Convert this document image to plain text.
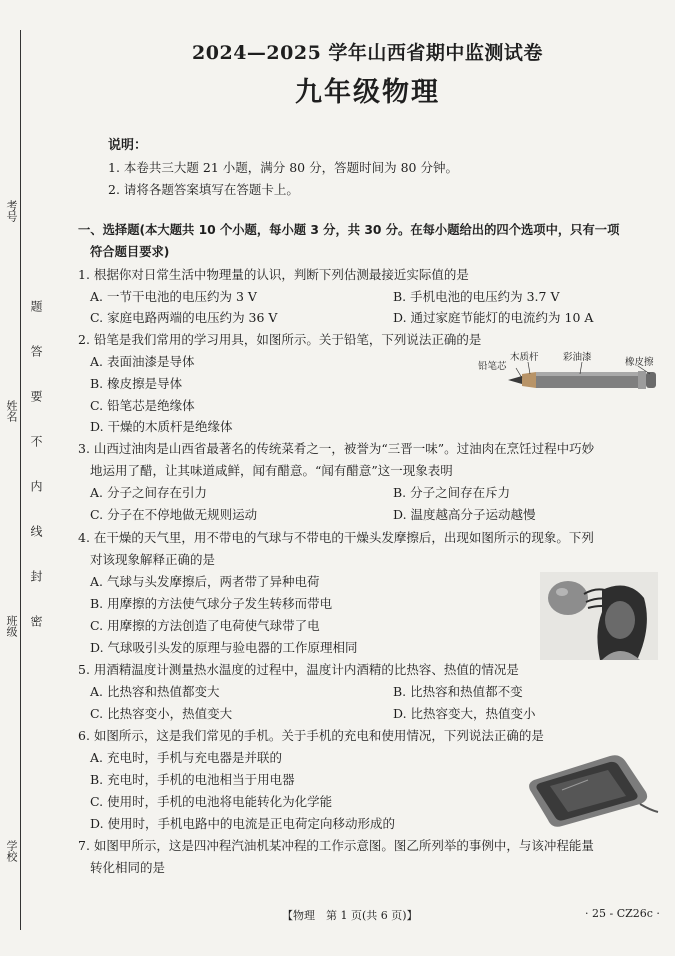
考号
姓名
班级
学校
题
答
要
不
内
线
封
密
2024—2025 学年山西省期中监测试卷
九年级物理
说明：
1. 本卷共三大题 21 小题，满分 80 分，答题时间为 80 分钟。
2. 请将各题答案填写在答题卡上。
一、选择题(本大题共 10 个小题，每小题 3 分，共 30 分。在每小题给出的四个选项中，只有一项
符合题目要求)
1. 根据你对日常生活中物理量的认识，判断下列估测最接近实际值的是
A. 一节干电池的电压约为 3 V	B. 手机电池的电压约为 3.7 V
C. 家庭电路两端的电压约为 36 V	D. 通过家庭节能灯的电流约为 10 A
2. 铅笔是我们常用的学习用具，如图所示。关于铅笔，下列说法正确的是
A. 表面油漆是导体
B. 橡皮擦是导体
C. 铅笔芯是绝缘体
D. 干燥的木质杆是绝缘体
铅笔芯
木质杆	彩油漆	橡皮擦
3. 山西过油肉是山西省最著名的传统菜肴之一，被誉为“三晋一味”。过油肉在烹饪过程中巧妙
地运用了醋，让其味道咸鲜，闻有醋意。“闻有醋意”这一现象表明
A. 分子之间存在引力	B. 分子之间存在斥力
C. 分子在不停地做无规则运动	D. 温度越高分子运动越慢
4. 在干燥的天气里，用不带电的气球与不带电的干燥头发摩擦后，出现如图所示的现象。下列
对该现象解释正确的是
A. 气球与头发摩擦后，两者带了异种电荷
B. 用摩擦的方法使气球分子发生转移而带电
C. 用摩擦的方法创造了电荷使气球带了电
D. 气球吸引头发的原理与验电器的工作原理相同
5. 用酒精温度计测量热水温度的过程中，温度计内酒精的比热容、热值的情况是
A. 比热容和热值都变大	B. 比热容和热值都不变
C. 比热容变小，热值变大	D. 比热容变大，热值变小
6. 如图所示，这是我们常见的手机。关于手机的充电和使用情况，下列说法正确的是
A. 充电时，手机与充电器是并联的
B. 充电时，手机的电池相当于用电器
C. 使用时，手机的电池将电能转化为化学能
D. 使用时，手机电路中的电流是正电荷定向移动形成的
7. 如图甲所示，这是四冲程汽油机某冲程的工作示意图。图乙所列举的事例中，与该冲程能量
转化相同的是
【物理　第 1 页(共 6 页)】	· 25 - CZ26c ·
